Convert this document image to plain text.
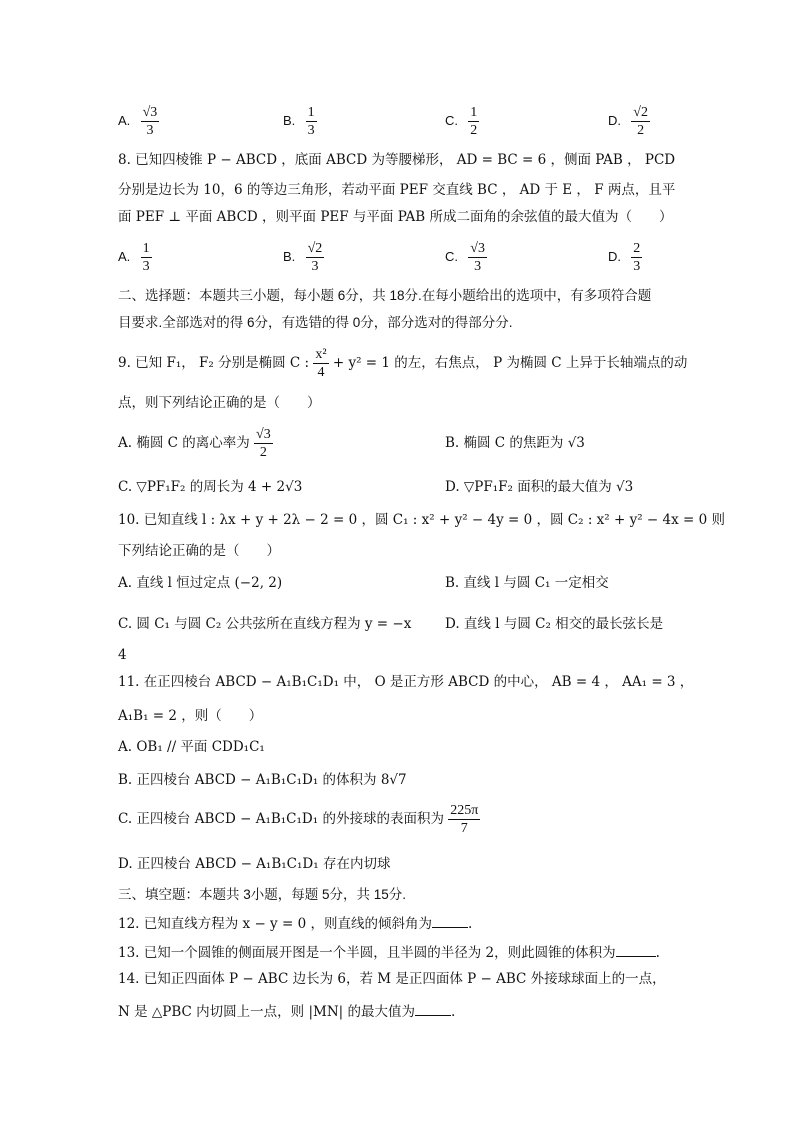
A. $\frac{√3}{3}$	B. $\frac{1}{3}$	C. $\frac{1}{2}$	D. $\frac{√2}{2}$
8. 已知四棱锥 P − ABCD ，底面 ABCD 为等腰梯形， AD = BC = 6 ，侧面 PAB ， PCD
分别是边长为 10，6 的等边三角形，若动平面 PEF 交直线 BC ， AD 于 E ， F 两点，且平
面 PEF ⊥ 平面 ABCD ，则平面 PEF 与平面 PAB 所成二面角的余弦值的最大值为（　　）
A. $\frac{1}{3}$	B. $\frac{√2}{3}$	C. $\frac{√3}{3}$	D. $\frac{2}{3}$
二、选择题：本题共三小题，每小题 6分，共 18分.在每小题给出的选项中，有多项符合题
目要求.全部选对的得 6分，有选错的得 0分，部分选对的得部分分.
9. 已知 F₁， F₂ 分别是椭圆 C : $\frac{\text{x²}}{4} + y^2 = 1$ 的左，右焦点， P 为椭圆 C 上异于长轴端点的动
点，则下列结论正确的是（　　）
A. 椭圆 C 的离心率为 $\frac{√3}{2}$	B. 椭圆 C 的焦距为 √3
C. ▽PF₁F₂ 的周长为 4 + 2√3	D. ▽PF₁F₂ 面积的最大值为 √3
10. 已知直线 l : λx + y + 2λ − 2 = 0 ，圆 C₁ : x² + y² − 4y = 0 ，圆 C₂ : x² + y² − 4x = 0 则
下列结论正确的是（　　）
A. 直线 l 恒过定点 (−2, 2)	B. 直线 l 与圆 C₁ 一定相交
C. 圆 C₁ 与圆 C₂ 公共弦所在直线方程为 y = −x D. 直线 l 与圆 C₂ 相交的最长弦长是
4
11. 在正四棱台 ABCD − A₁B₁C₁D₁ 中， O 是正方形 ABCD 的中心， AB = 4 ， AA₁ = 3 ，
A₁B₁ = 2 ，则（　　）
A. OB₁ // 平面 CDD₁C₁
B. 正四棱台 ABCD − A₁B₁C₁D₁ 的体积为 8√7
C. 正四棱台 ABCD − A₁B₁C₁D₁ 的外接球的表面积为 $\frac{225\pi}{7}$
D. 正四棱台 ABCD − A₁B₁C₁D₁ 存在内切球
三、填空题：本题共 3小题，每题 5分，共 15分.
12. 已知直线方程为 x − y = 0 ，则直线的倾斜角为	.
13. 已知一个圆锥的侧面展开图是一个半圆，且半圆的半径为 2，则此圆锥的体积为	.
14. 已知正四面体 P − ABC 边长为 6，若 M 是正四面体 P − ABC 外接球球面上的一点，
N 是 △PBC 内切圆上一点，则 |MN| 的最大值为	.
